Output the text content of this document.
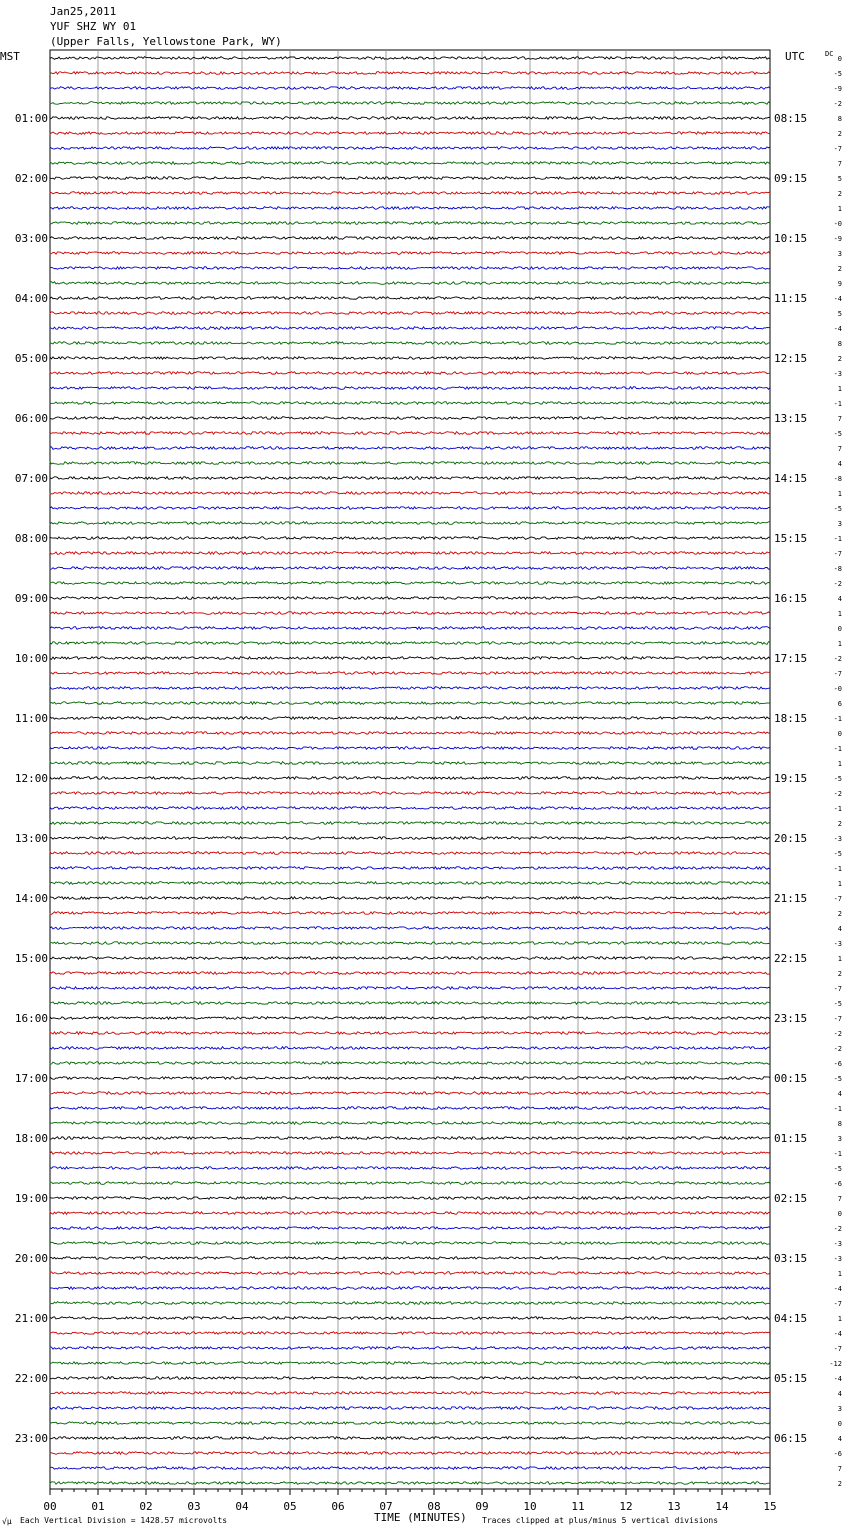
Jan25,2011
YUF SHZ WY 01
(Upper Falls, Yellowstone Park, WY)
MST	UTC	DC
0
-5
-9
-2
8
2
-7
7
5
2
1
-0
-9
3
2
9
-4
5
-4
8
2
-3
1
-1
7
-5
7
4
-8
1
-5
3
-1
-7
-8
-2
4
1
0
1
-2
-7
-0
6
-1
0
-1
1
-5
-2
-1
2
-3
-5
-1
1
-7
2
4
-3
1
2
-7
-5
-7
-2
-2
-6
-5
4
-1
8
3
-1
-5
-6
7
0
-2
-3
-3
1
-4
-7
1
-4
-7
-12
-4
4
3
0
4
-6
7
2
01:00
02:00
03:00
04:00
05:00
06:00
07:00
08:00
09:00
10:00
11:00
12:00
13:00
14:00
15:00
16:00
17:00
18:00
19:00
20:00
21:00
22:00
23:00
08:15
09:15
10:15
11:15
12:15
13:15
14:15
15:15
16:15
17:15
18:15
19:15
20:15
21:15
22:15
23:15
00:15
01:15
02:15
03:15
04:15
05:15
06:15
00	01	02	03	04	05	06	07	08	09	10	11	12	13	14	15
TIME (MINUTES)
√μ Each Vertical Division = 1428.57 microvolts	Traces clipped at plus/minus 5 vertical divisions
